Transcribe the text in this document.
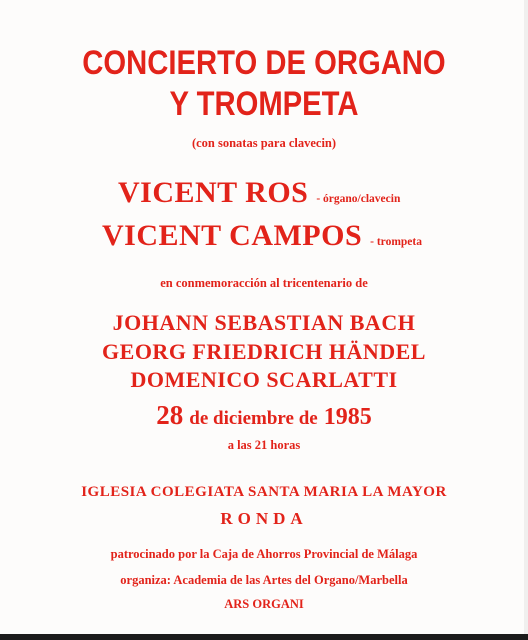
CONCIERTO DE ORGANO
Y TROMPETA
(con sonatas para clavecin)
VICENT ROS - órgano/clavecin
VICENT CAMPOS - trompeta
en conmemoracción al tricentenario de
JOHANN SEBASTIAN BACH
GEORG FRIEDRICH HÄNDEL
DOMENICO SCARLATTI
28 de diciembre de 1985
a las 21 horas
IGLESIA COLEGIATA SANTA MARIA LA MAYOR
RONDA
patrocinado por la Caja de Ahorros Provincial de Málaga
organiza: Academia de las Artes del Organo/Marbella
ARS ORGANI
